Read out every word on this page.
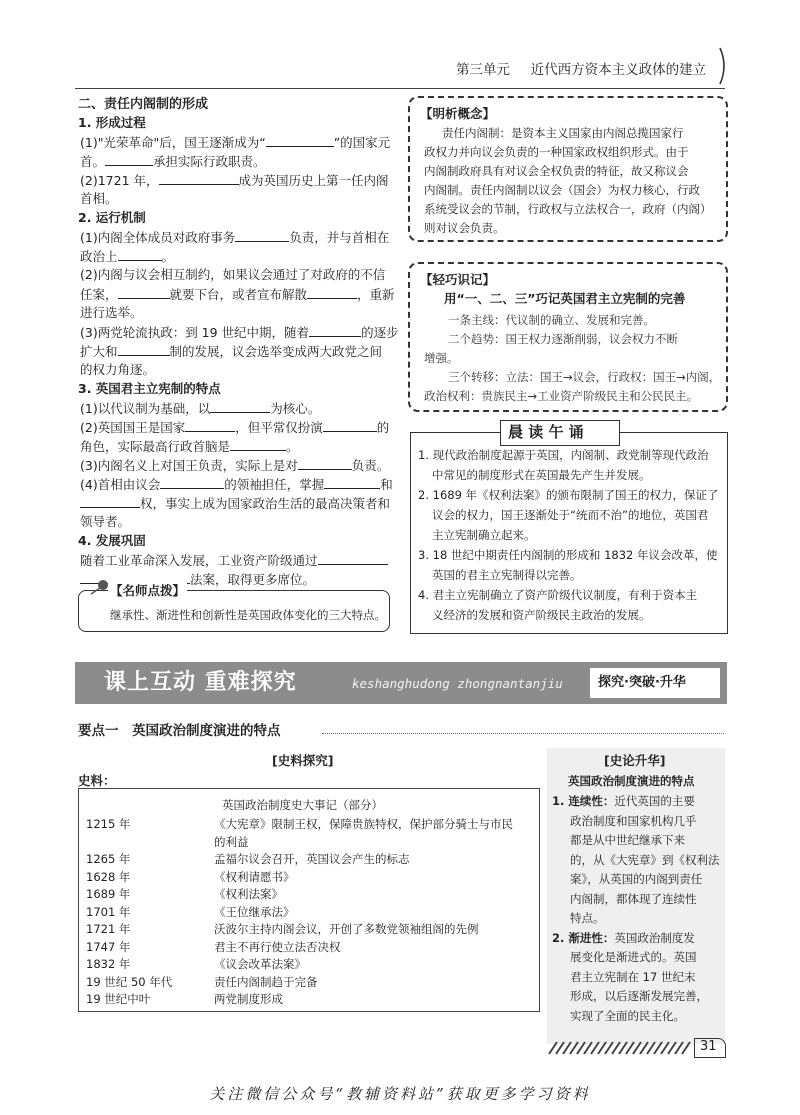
第三单元 近代西方资本主义政体的建立
二、责任内阁制的形成
1. 形成过程
(1)"光荣革命"后，国王逐渐成为“	”的国家元
首。	承担实际行政职责。
(2)1721 年，	成为英国历史上第一任内阁
首相。
2. 运行机制
(1)内阁全体成员对政府事务	负责，并与首相在
政治上	。
(2)内阁与议会相互制约，如果议会通过了对政府的不信
任案，	就要下台，或者宣布解散	，重新
进行选举。
(3)两党轮流执政：到 19 世纪中期，随着	的逐步
扩大和	制的发展，议会选举变成两大政党之间
的权力角逐。
3. 英国君主立宪制的特点
(1)以代议制为基础，以	为核心。
(2)英国国王是国家	，但平常仅扮演	的
角色，实际最高行政首脑是	。
(3)内阁名义上对国王负责，实际上是对	负责。
(4)首相由议会	的领袖担任，掌握	和
权，事实上成为国家政治生活的最高决策者和
领导者。
4. 发展巩固
随着工业革命深入发展，工业资产阶级通过
法案，取得更多席位。
【名师点拨】
继承性、渐进性和创新性是英国政体变化的三大特点。
【明析概念】
责任内阁制：是资本主义国家由内阁总揽国家行
政权力并向议会负责的一种国家政权组织形式。由于
内阁制政府具有对议会全权负责的特征，故又称议会
内阁制。责任内阁制以议会（国会）为权力核心，行政
系统受议会的节制，行政权与立法权合一，政府（内阁）
则对议会负责。
【轻巧识记】
用“一、二、三”巧记英国君主立宪制的完善
一条主线：代议制的确立、发展和完善。
二个趋势：国王权力逐渐削弱，议会权力不断
增强。
三个转移：立法：国王→议会，行政权：国王→内阁，
政治权利：贵族民主→工业资产阶级民主和公民民主。
晨 读 午 诵
1. 现代政治制度起源于英国，内阁制、政党制等现代政治
中常见的制度形式在英国最先产生并发展。
2. 1689 年《权利法案》的颁布限制了国王的权力，保证了
议会的权力，国王逐渐处于“统而不治”的地位，英国君
主立宪制确立起来。
3. 18 世纪中期责任内阁制的形成和 1832 年议会改革，使
英国的君主立宪制得以完善。
4. 君主立宪制确立了资产阶级代议制度，有利于资本主
义经济的发展和资产阶级民主政治的发展。
课上互动 重难探究	keshanghudong zhongnantanjiu	探究·突破·升华
要点一　英国政治制度演进的特点
[史料探究]
史料：
英国政治制度史大事记（部分）
1215 年	《大宪章》限制王权，保障贵族特权，保护部分骑士与市民
的利益
1265 年	孟福尔议会召开，英国议会产生的标志
1628 年	《权利请愿书》
1689 年	《权利法案》
1701 年	《王位继承法》
1721 年	沃波尔主持内阁会议，开创了多数党领袖组阁的先例
1747 年	君主不再行使立法否决权
1832 年	《议会改革法案》
19 世纪 50 年代	责任内阁制趋于完备
19 世纪中叶	两党制度形成
[史论升华]
英国政治制度演进的特点
1. 连续性：近代英国的主要
政治制度和国家机构几乎
都是从中世纪继承下来
的，从《大宪章》到《权利法
案》，从英国的内阁到责任
内阁制，都体现了连续性
特点。
2. 渐进性：英国政治制度发
展变化是渐进式的。英国
君主立宪制在 17 世纪末
形成，以后逐渐发展完善，
实现了全面的民主化。
31
关注微信公众号“教辅资料站”获取更多学习资料
